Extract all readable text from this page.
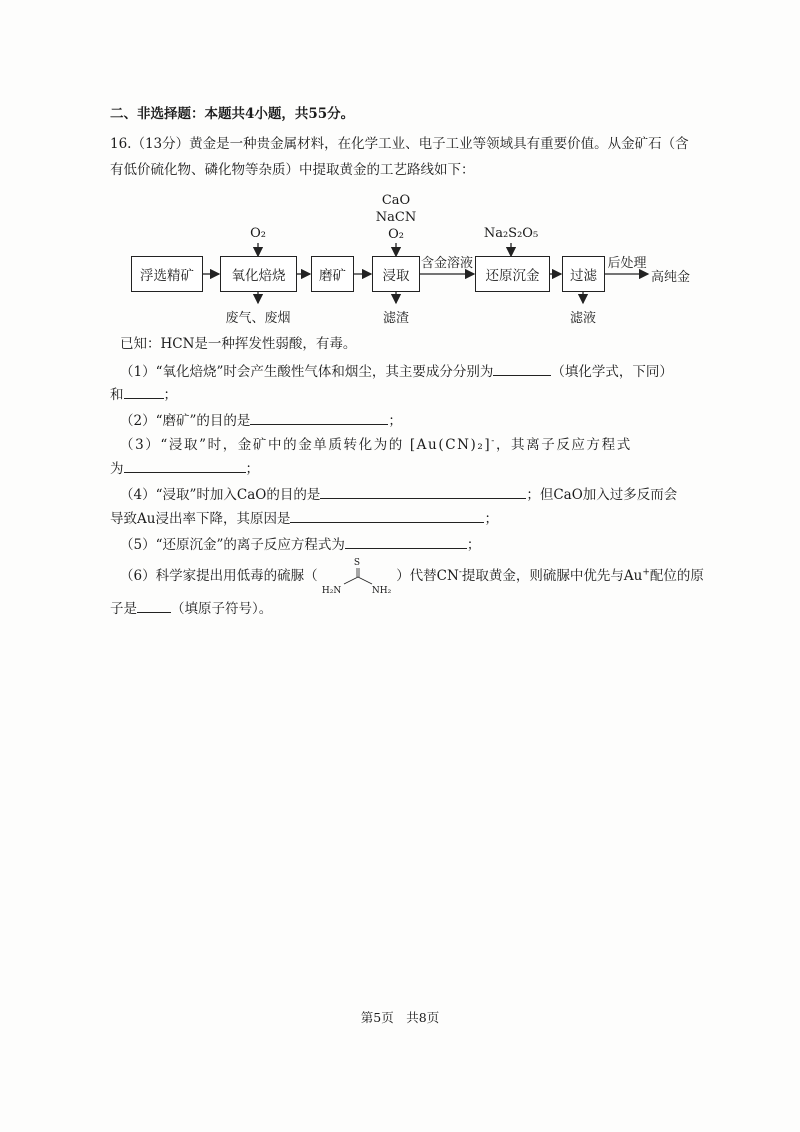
二、非选择题：本题共4小题，共55分。
16.（13分）黄金是一种贵金属材料，在化学工业、电子工业等领域具有重要价值。从金矿石（含
有低价硫化物、磷化物等杂质）中提取黄金的工艺路线如下：
浮选精矿	氧化焙烧	磨矿	浸取	还原沉金	过滤
O₂
CaO
NaCN
O₂	Na₂S₂O₅
含金溶液	后处理
高纯金
废气、废烟	滤渣	滤液
已知：HCN是一种挥发性弱酸，有毒。
（1）“氧化焙烧”时会产生酸性气体和烟尘，其主要成分分别为	（填化学式，下同）
和	；
（2）“磨矿”的目的是	；
（3）“浸取”时，金矿中的金单质转化为的 [Au(CN)₂]-，其离子反应方程式
为	；
（4）“浸取”时加入CaO的目的是	；但CaO加入过多反而会
导致Au浸出率下降，其原因是	；
（5）“还原沉金”的离子反应方程式为	；
（6）科学家提出用低毒的硫脲（
S
H₂N	NH₂
）代替CN-提取黄金，则硫脲中优先与Au+配位的原
子是	（填原子符号）。
第5页　共8页
